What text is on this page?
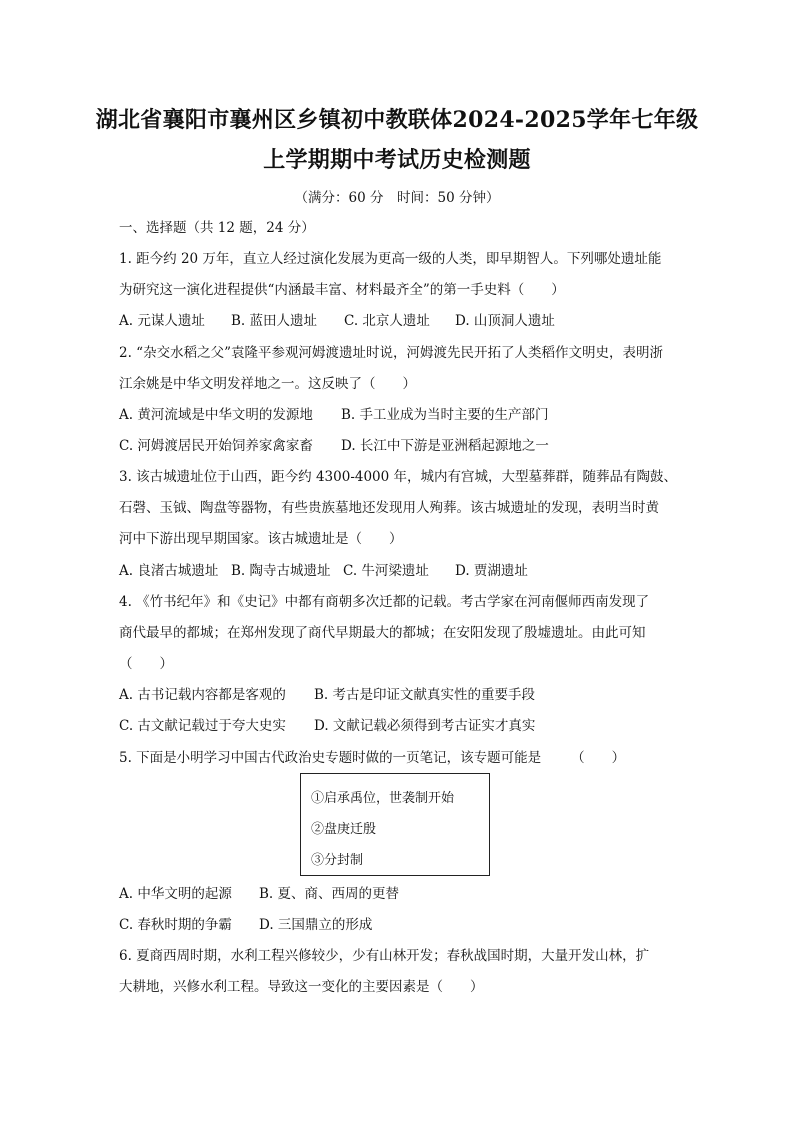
湖北省襄阳市襄州区乡镇初中教联体2024-2025学年七年级
上学期期中考试历史检测题
（满分：60 分　时间：50 分钟）
一、选择题（共 12 题，24 分）
1. 距今约 20 万年，直立人经过演化发展为更高一级的人类，即早期智人。下列哪处遗址能
为研究这一演化进程提供“内涵最丰富、材料最齐全”的第一手史料（　　）
A. 元谋人遗址 B. 蓝田人遗址 C. 北京人遗址 D. 山顶洞人遗址
2. “杂交水稻之父”袁隆平参观河姆渡遗址时说，河姆渡先民开拓了人类稻作文明史，表明浙
江余姚是中华文明发祥地之一。这反映了（　　）
A. 黄河流域是中华文明的发源地 B. 手工业成为当时主要的生产部门
C. 河姆渡居民开始饲养家禽家畜 D. 长江中下游是亚洲稻起源地之一
3. 该古城遗址位于山西，距今约 4300-4000 年，城内有宫城，大型墓葬群，随葬品有陶鼓、
石磬、玉钺、陶盘等器物，有些贵族墓地还发现用人殉葬。该古城遗址的发现，表明当时黄
河中下游出现早期国家。该古城遗址是（　　）
A. 良渚古城遗址 B. 陶寺古城遗址 C. 牛河梁遗址 D. 贾湖遗址
4. 《竹书纪年》和《史记》中都有商朝多次迁都的记载。考古学家在河南偃师西南发现了
商代最早的都城；在郑州发现了商代早期最大的都城；在安阳发现了殷墟遗址。由此可知
（　　）
A. 古书记载内容都是客观的 B. 考古是印证文献真实性的重要手段
C. 古文献记载过于夸大史实 D. 文献记载必须得到考古证实才真实
5. 下面是小明学习中国古代政治史专题时做的一页笔记，该专题可能是 （　　）
①启承禹位，世袭制开始
②盘庚迁殷
③分封制
A. 中华文明的起源 B. 夏、商、西周的更替
C. 春秋时期的争霸 D. 三国鼎立的形成
6. 夏商西周时期，水利工程兴修较少，少有山林开发；春秋战国时期，大量开发山林，扩
大耕地，兴修水利工程。导致这一变化的主要因素是（　　）
